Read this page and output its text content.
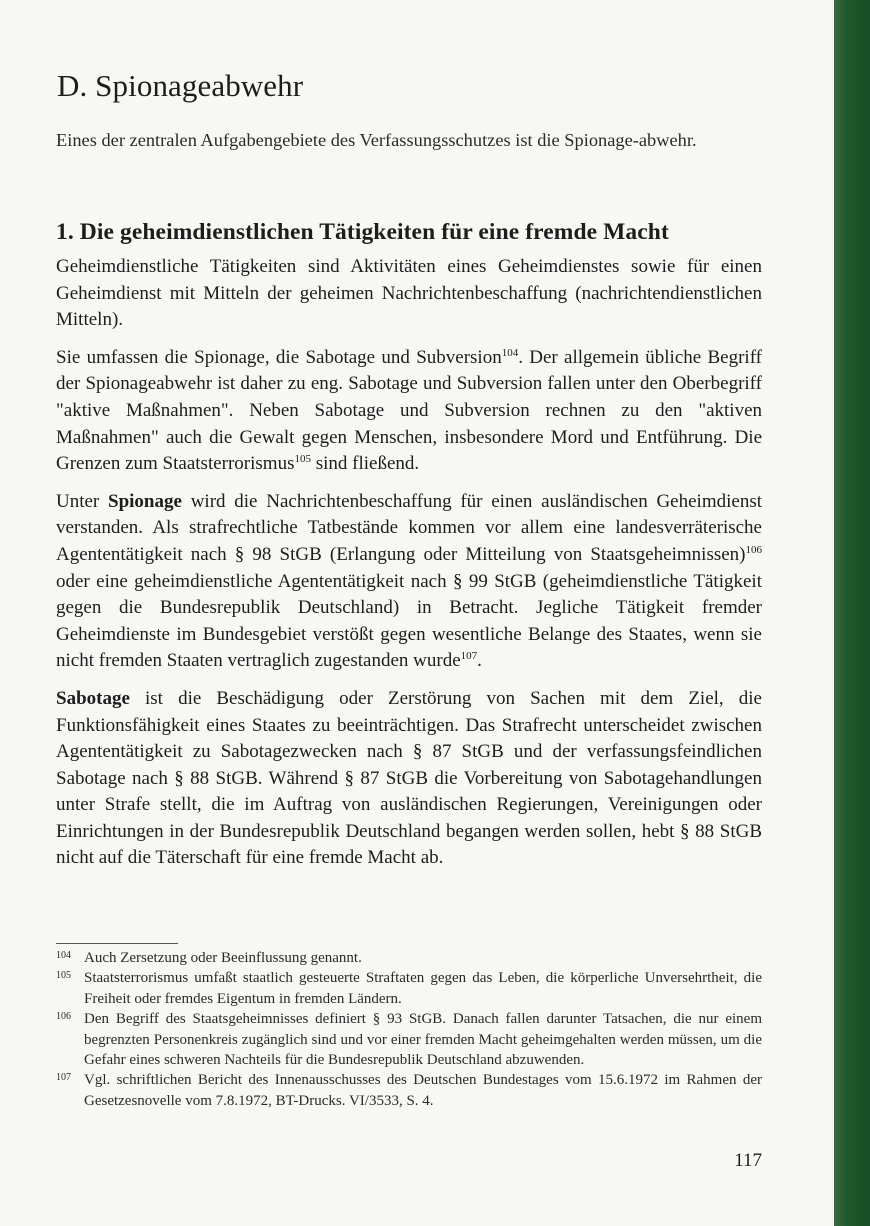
D. Spionageabwehr

Eines der zentralen Aufgabengebiete des Verfassungsschutzes ist die Spionage-abwehr.

1. Die geheimdienstlichen Tätigkeiten für eine fremde Macht

Geheimdienstliche Tätigkeiten sind Aktivitäten eines Geheimdienstes sowie für einen Geheimdienst mit Mitteln der geheimen Nachrichtenbeschaffung (nachrichtendienstlichen Mitteln).

Sie umfassen die Spionage, die Sabotage und Subversion$^{104}$. Der allgemein übliche Begriff der Spionageabwehr ist daher zu eng. Sabotage und Subversion fallen unter den Oberbegriff "aktive Maßnahmen". Neben Sabotage und Subversion rechnen zu den "aktiven Maßnahmen" auch die Gewalt gegen Menschen, insbesondere Mord und Entführung. Die Grenzen zum Staatsterrorismus$^{105}$ sind fließend.

Unter Spionage wird die Nachrichtenbeschaffung für einen ausländischen Geheimdienst verstanden. Als strafrechtliche Tatbestände kommen vor allem eine landesverräterische Agententätigkeit nach § 98 StGB (Erlangung oder Mitteilung von Staatsgeheimnissen)$^{106}$ oder eine geheimdienstliche Agententätigkeit nach § 99 StGB (geheimdienstliche Tätigkeit gegen die Bundesrepublik Deutschland) in Betracht. Jegliche Tätigkeit fremder Geheimdienste im Bundesgebiet verstößt gegen wesentliche Belange des Staates, wenn sie nicht fremden Staaten vertraglich zugestanden wurde$^{107}$.

Sabotage ist die Beschädigung oder Zerstörung von Sachen mit dem Ziel, die Funktionsfähigkeit eines Staates zu beeinträchtigen. Das Strafrecht unterscheidet zwischen Agententätigkeit zu Sabotagezwecken nach § 87 StGB und der verfassungsfeindlichen Sabotage nach § 88 StGB. Während § 87 StGB die Vorbereitung von Sabotagehandlungen unter Strafe stellt, die im Auftrag von ausländischen Regierungen, Vereinigungen oder Einrichtungen in der Bundesrepublik Deutschland begangen werden sollen, hebt § 88 StGB nicht auf die Täterschaft für eine fremde Macht ab.

104 Auch Zersetzung oder Beeinflussung genannt.
105 Staatsterrorismus umfaßt staatlich gesteuerte Straftaten gegen das Leben, die körperliche Unversehrtheit, die Freiheit oder fremdes Eigentum in fremden Ländern.
106 Den Begriff des Staatsgeheimnisses definiert § 93 StGB. Danach fallen darunter Tatsachen, die nur einem begrenzten Personenkreis zugänglich sind und vor einer fremden Macht geheimgehalten werden müssen, um die Gefahr eines schweren Nachteils für die Bundesrepublik Deutschland abzuwenden.
107 Vgl. schriftlichen Bericht des Innenausschusses des Deutschen Bundestages vom 15.6.1972 im Rahmen der Gesetzesnovelle vom 7.8.1972, BT-Drucks. VI/3533, S. 4.

117
